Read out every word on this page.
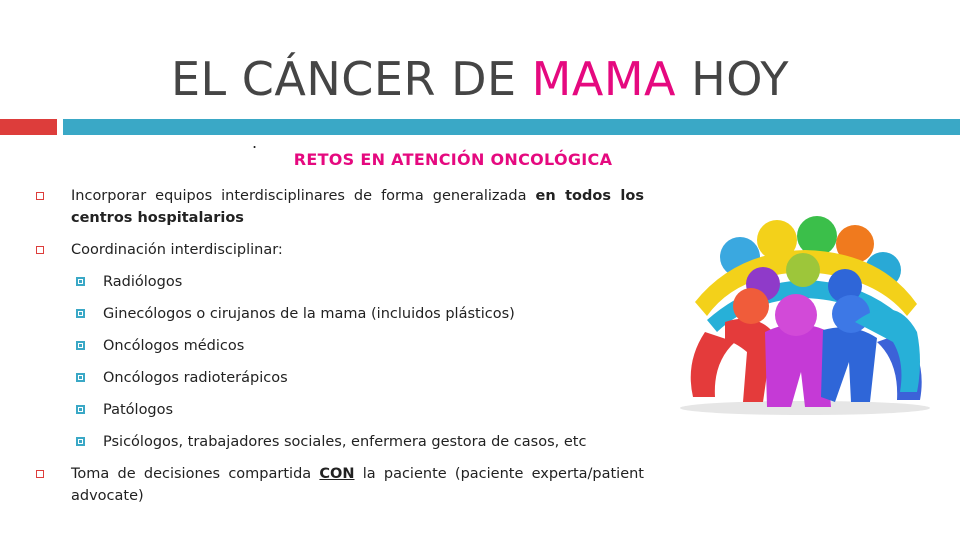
EL CÁNCER DE MAMA HOY
.
RETOS EN ATENCIÓN ONCOLÓGICA
Incorporar equipos interdisciplinares de forma generalizada en todos los centros hospitalarios
Coordinación interdisciplinar:
Radiólogos
Ginecólogos o cirujanos de la mama (incluidos plásticos)
Oncólogos médicos
Oncólogos radioterápicos
Patólogos
Psicólogos, trabajadores sociales, enfermera gestora de casos, etc
Toma de decisiones compartida CON la paciente (paciente experta/patient advocate)
